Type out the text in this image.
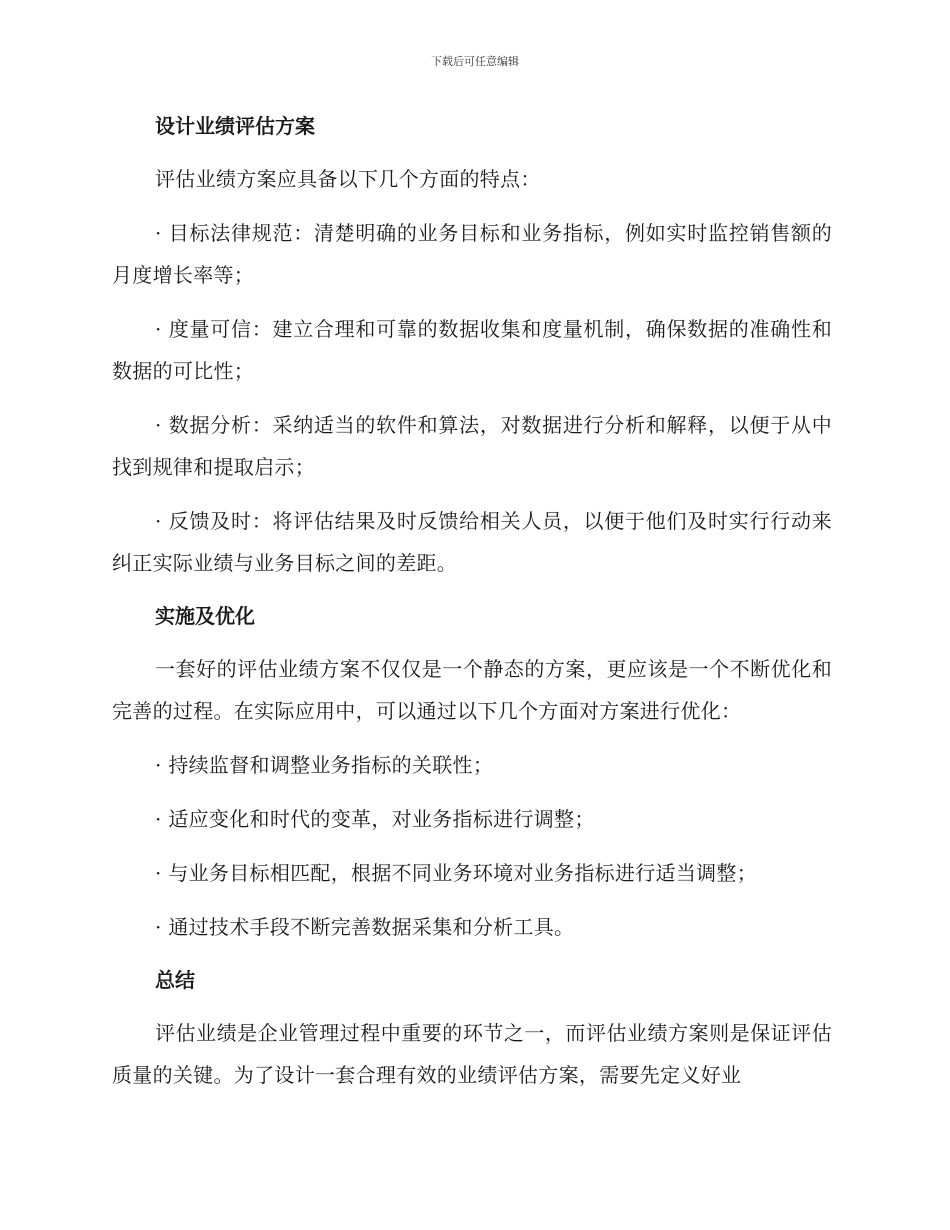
下载后可任意编辑
设计业绩评估方案

评估业绩方案应具备以下几个方面的特点：

· 目标法律规范：清楚明确的业务目标和业务指标，例如实时监控销售额的月度增长率等；

· 度量可信：建立合理和可靠的数据收集和度量机制，确保数据的准确性和数据的可比性；

· 数据分析：采纳适当的软件和算法，对数据进行分析和解释，以便于从中找到规律和提取启示；

· 反馈及时：将评估结果及时反馈给相关人员，以便于他们及时实行行动来纠正实际业绩与业务目标之间的差距。

实施及优化

一套好的评估业绩方案不仅仅是一个静态的方案，更应该是一个不断优化和完善的过程。在实际应用中，可以通过以下几个方面对方案进行优化：

· 持续监督和调整业务指标的关联性；

· 适应变化和时代的变革，对业务指标进行调整；

· 与业务目标相匹配，根据不同业务环境对业务指标进行适当调整；

· 通过技术手段不断完善数据采集和分析工具。

总结

评估业绩是企业管理过程中重要的环节之一，而评估业绩方案则是保证评估质量的关键。为了设计一套合理有效的业绩评估方案，需要先定义好业
